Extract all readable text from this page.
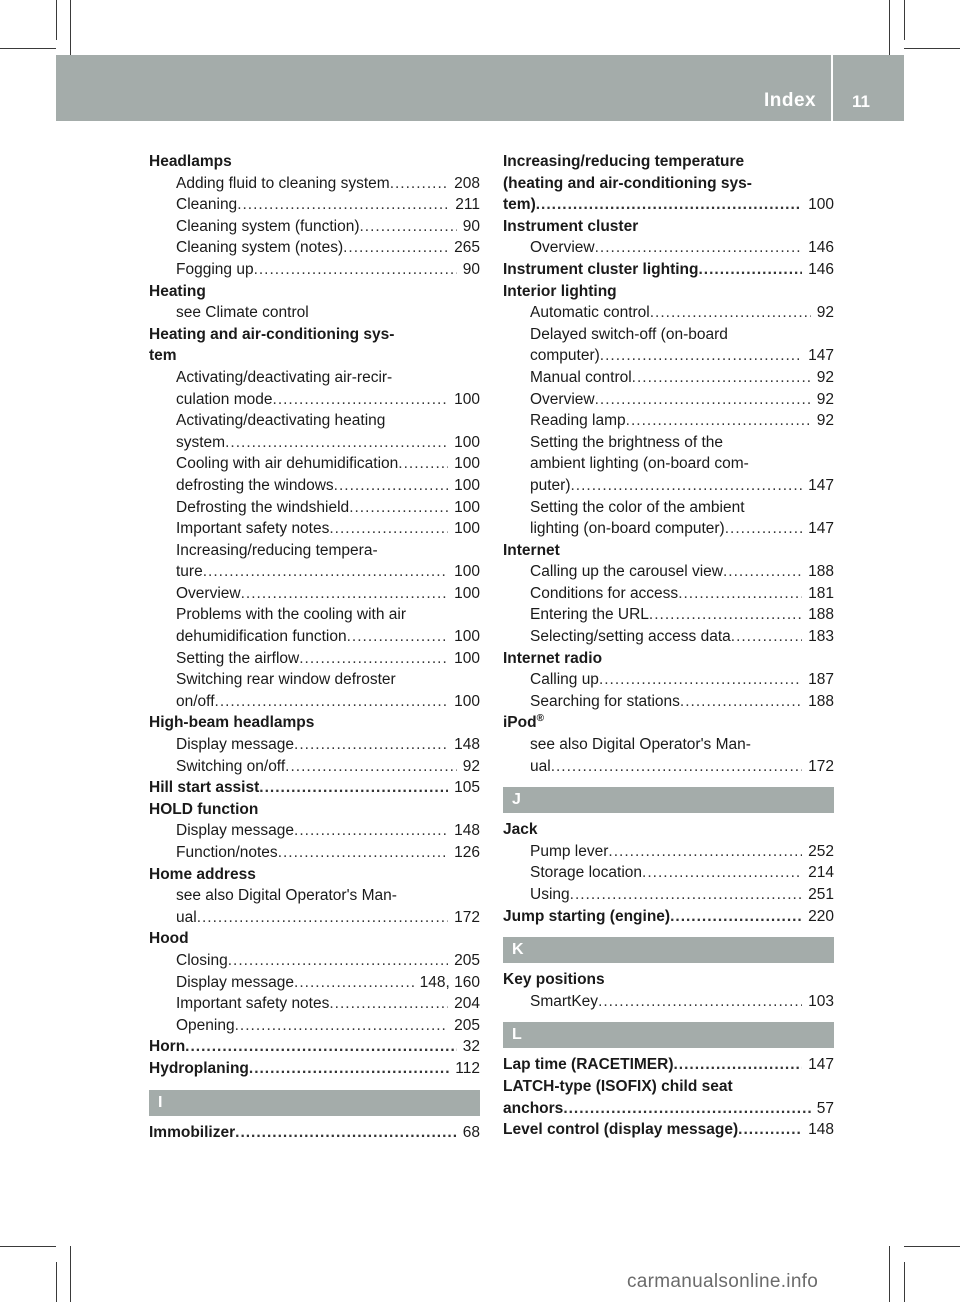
Index 11
Headlamps
Adding fluid to cleaning system .....	208
Cleaning .....	211
Cleaning system (function) .....	90
Cleaning system (notes) .....	265
Fogging up .....	90
Heating
see Climate control
Heating and air-conditioning sys-
tem
Activating/deactivating air-recir-
culation mode .....	100
Activating/deactivating heating
system .....	100
Cooling with air dehumidification .....	100
defrosting the windows .....	100
Defrosting the windshield .....	100
Important safety notes .....	100
Increasing/reducing tempera-
ture .....	100
Overview .....	100
Problems with the cooling with air
dehumidification function .....	100
Setting the airflow .....	100
Switching rear window defroster
on/off .....	100
High-beam headlamps
Display message .....	148
Switching on/off .....	92
Hill start assist .....	105
HOLD function
Display message .....	148
Function/notes .....	126
Home address
see also Digital Operator's Man-
ual .....	172
Hood
Closing .....	205
Display message .....	148, 160
Important safety notes .....	204
Opening .....	205
Horn .....	32
Hydroplaning .....	112
I
Immobilizer .....	68
Increasing/reducing temperature
(heating and air-conditioning sys-
tem) .....	100
Instrument cluster
Overview .....	146
Instrument cluster lighting .....	146
Interior lighting
Automatic control .....	92
Delayed switch-off (on-board
computer) .....	147
Manual control .....	92
Overview .....	92
Reading lamp .....	92
Setting the brightness of the
ambient lighting (on-board com-
puter) .....	147
Setting the color of the ambient
lighting (on-board computer) .....	147
Internet
Calling up the carousel view .....	188
Conditions for access .....	181
Entering the URL .....	188
Selecting/setting access data .....	183
Internet radio
Calling up .....	187
Searching for stations .....	188
iPod®
see also Digital Operator's Man-
ual .....	172
J
Jack
Pump lever .....	252
Storage location .....	214
Using .....	251
Jump starting (engine) .....	220
K
Key positions
SmartKey .....	103
L
Lap time (RACETIMER) .....	147
LATCH-type (ISOFIX) child seat
anchors .....	57
Level control (display message) .....	148
carmanualsonline.info
